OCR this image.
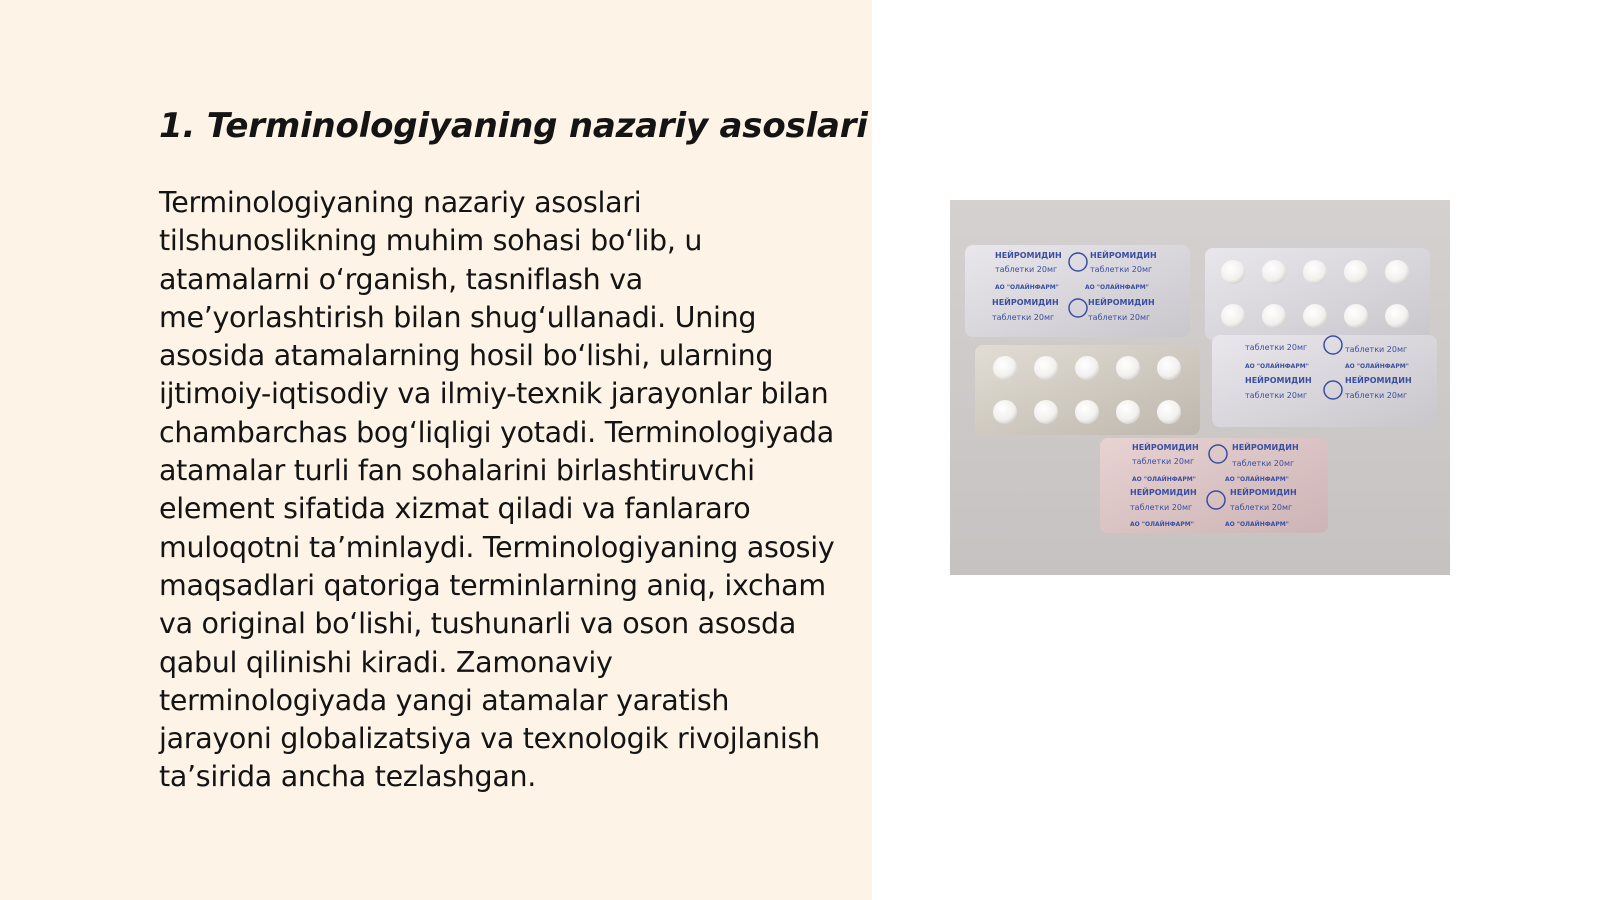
1. Terminologiyaning nazariy asoslari

Terminologiyaning nazariy asoslari tilshunoslikning muhim sohasi bo‘lib, u atamalarni o‘rganish, tasniflash va me’yorlashtirish bilan shug‘ullanadi. Uning asosida atamalarning hosil bo‘lishi, ularning ijtimoiy-iqtisodiy va ilmiy-texnik jarayonlar bilan chambarchas bog‘liqligi yotadi. Terminologiyada atamalar turli fan sohalarini birlashtiruvchi element sifatida xizmat qiladi va fanlararo muloqotni ta’minlaydi. Terminologiyaning asosiy maqsadlari qatoriga terminlarning aniq, ixcham va original bo‘lishi, tushunarli va oson asosda qabul qilinishi kiradi. Zamonaviy terminologiyada yangi atamalar yaratish jarayoni globalizatsiya va texnologik rivojlanish ta’sirida ancha tezlashgan.

НЕЙРОМИДИН	НЕЙРОМИДИН
таблетки 20мг	таблетки 20мг
АО "ОЛАЙНФАРМ"	АО "ОЛАЙНФАРМ"
НЕЙРОМИДИН	НЕЙРОМИДИН
таблетки 20мг	таблетки 20мг
таблетки 20мг	таблетки 20мг
АО "ОЛАЙНФАРМ"	АО "ОЛАЙНФАРМ"
НЕЙРОМИДИН	НЕЙРОМИДИН
таблетки 20мг	таблетки 20мг
НЕЙРОМИДИН	НЕЙРОМИДИН
таблетки 20мг	таблетки 20мг
АО "ОЛАЙНФАРМ"	АО "ОЛАЙНФАРМ"
НЕЙРОМИДИН	НЕЙРОМИДИН
таблетки 20мг	таблетки 20мг
АО "ОЛАЙНФАРМ"	АО "ОЛАЙНФАРМ"
